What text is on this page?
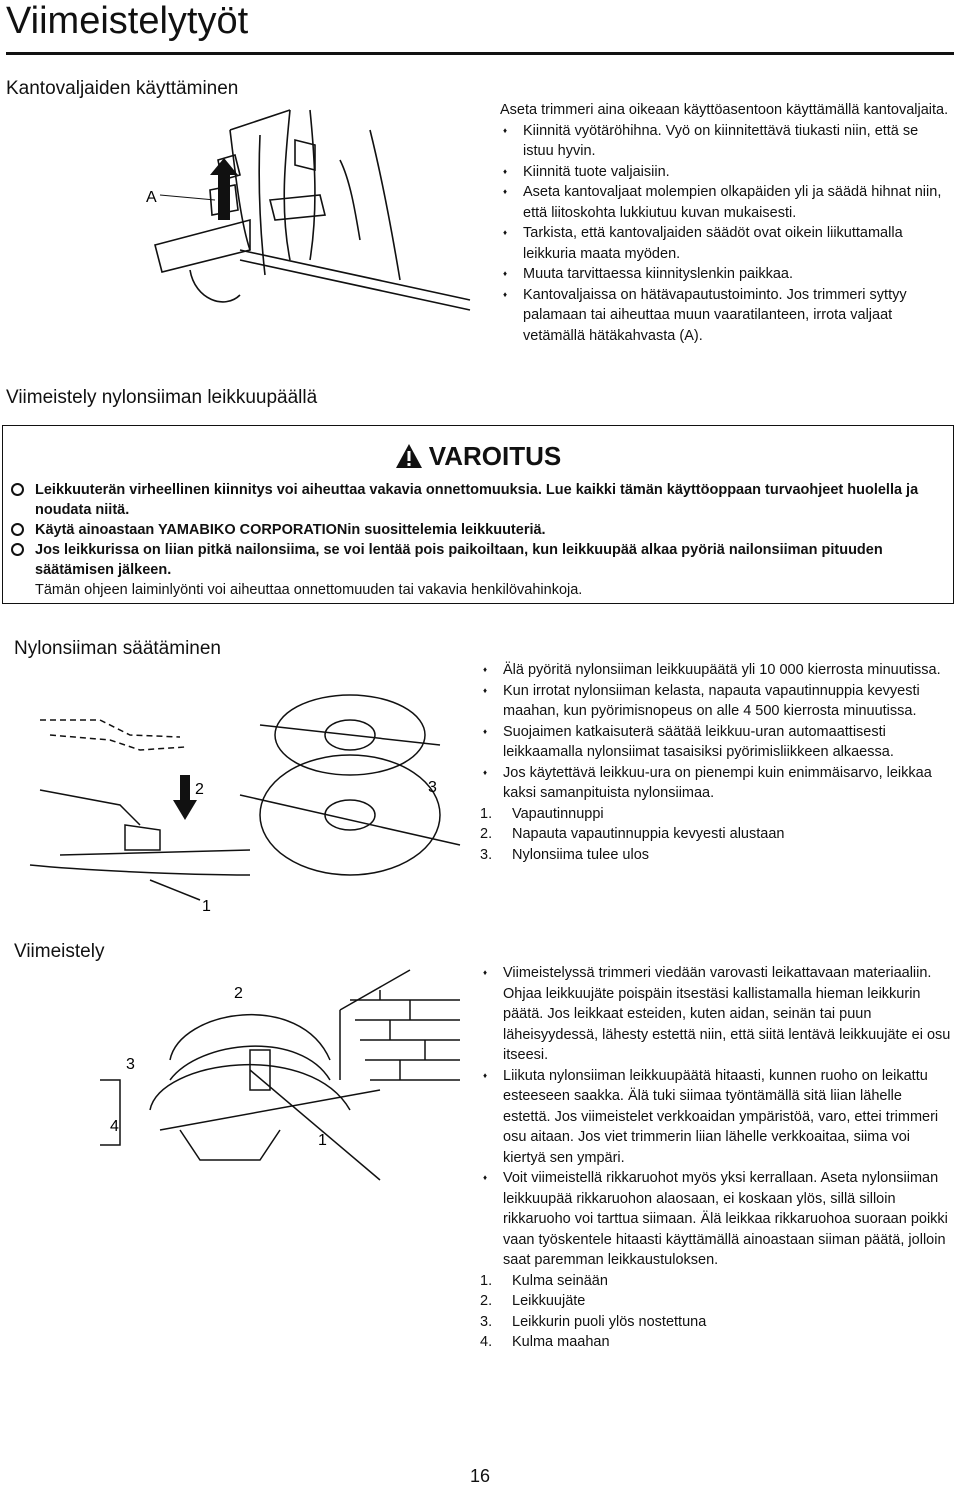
Viimeistelytyöt
Kantovaljaiden käyttäminen
A
Aseta trimmeri aina oikeaan käyttöasentoon käyttämällä kantovaljaita.
♦ Kiinnitä vyötäröhihna. Vyö on kiinnitettävä tiukasti niin, että se istuu hyvin.
♦ Kiinnitä tuote valjaisiin.
♦ Aseta kantovaljaat molempien olkapäiden yli ja säädä hihnat niin, että liitoskohta lukkiutuu kuvan mukaisesti.
♦ Tarkista, että kantovaljaiden säädöt ovat oikein liikuttamalla leikkuria maata myöden.
♦ Muuta tarvittaessa kiinnityslenkin paikkaa.
♦ Kantovaljaissa on hätävapautustoiminto. Jos trimmeri syttyy palamaan tai aiheuttaa muun vaaratilanteen, irrota valjaat vetämällä hätäkahvasta (A).
Viimeistely nylonsiiman leikkuupäällä
VAROITUS
Leikkuuterän virheellinen kiinnitys voi aiheuttaa vakavia onnettomuuksia. Lue kaikki tämän käyttöoppaan turvaohjeet huolella ja noudata niitä.
Käytä ainoastaan YAMABIKO CORPORATIONin suosittelemia leikkuuteriä.
Jos leikkurissa on liian pitkä nailonsiima, se voi lentää pois paikoiltaan, kun leikkuupää alkaa pyöriä nailonsiiman pituuden säätämisen jälkeen.
Tämän ohjeen laiminlyönti voi aiheuttaa onnettomuuden tai vakavia henkilövahinkoja.
Nylonsiiman säätäminen
1
2	3
♦ Älä pyöritä nylonsiiman leikkuupäätä yli 10 000 kierrosta minuutissa.
♦ Kun irrotat nylonsiiman kelasta, napauta vapautinnuppia kevyesti maahan, kun pyörimisnopeus on alle 4 500 kierrosta minuutissa.
♦ Suojaimen katkaisuterä säätää leikkuu-uran automaattisesti leikkaamalla nylonsiimat tasaisiksi pyörimisliikkeen alkaessa.
♦ Jos käytettävä leikkuu-ura on pienempi kuin enimmäisarvo, leikkaa kaksi samanpituista nylonsiimaa.
1. Vapautinnuppi
2. Napauta vapautinnuppia kevyesti alustaan
3. Nylonsiima tulee ulos
Viimeistely
1
2
3
4
♦ Viimeistelyssä trimmeri viedään varovasti leikattavaan materiaaliin. Ohjaa leikkuujäte poispäin itsestäsi kallistamalla hieman leikkurin päätä. Jos leikkaat esteiden, kuten aidan, seinän tai puun läheisyydessä, lähesty estettä niin, että siitä lentävä leikkuujäte ei osu itseesi.
♦ Liikuta nylonsiiman leikkuupäätä hitaasti, kunnen ruoho on leikattu esteeseen saakka. Älä tuki siimaa työntämällä sitä liian lähelle estettä. Jos viimeistelet verkkoaidan ympäristöä, varo, ettei trimmeri osu aitaan. Jos viet trimmerin liian lähelle verkkoaitaa, siima voi kiertyä sen ympäri.
♦ Voit viimeistellä rikkaruohot myös yksi kerrallaan. Aseta nylonsiiman leikkuupää rikkaruohon alaosaan, ei koskaan ylös, sillä silloin rikkaruoho voi tarttua siimaan. Älä leikkaa rikkaruohoa suoraan poikki vaan työskentele hitaasti käyttämällä ainoastaan siiman päätä, jolloin saat paremman leikkaustuloksen.
1. Kulma seinään
2. Leikkuujäte
3. Leikkurin puoli ylös nostettuna
4. Kulma maahan
16
